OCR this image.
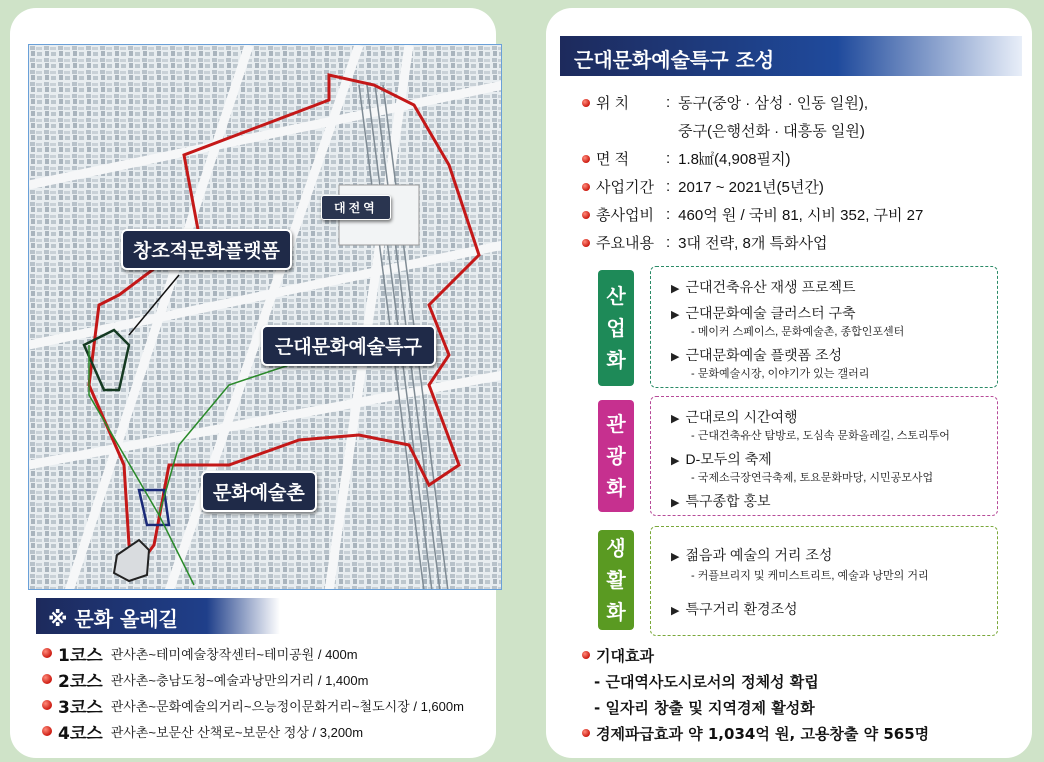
창조적문화플랫폼
근대문화예술특구
문화예술촌
대전역
※ 문화 올레길
1코스 관사촌~테미예술창작센터~테미공원 / 400m
2코스 관사촌~충남도청~예술과낭만의거리 / 1,400m
3코스 관사촌~문화예술의거리~으능정이문화거리~철도시장 / 1,600m
4코스 관사촌~보문산 산책로~보문산 정상 / 3,200m
근대문화예술특구 조성
위 치	: 동구(중앙 · 삼성 · 인동 일원),
중구(은행선화 · 대흥동 일원)
면 적	: 1.8㎢(4,908필지)
사업기간 : 2017 ~ 2021년(5년간)
총사업비 : 460억 원 / 국비 81, 시비 352, 구비 27
주요내용 : 3대 전략, 8개 특화사업
산
업
화
▶ 근대건축유산 재생 프로젝트
▶ 근대문화예술 클러스터 구축
- 메이커 스페이스, 문화예술촌, 종합인포센터
▶ 근대문화예술 플랫폼 조성
- 문화예술시장, 이야기가 있는 갤러리
관
광
화
▶ 근대로의 시간여행
- 근대건축유산 탐방로, 도심속 문화올레길, 스토리투어
▶ D-모두의 축제
- 국제소극장연극축제, 토요문화마당, 시민공모사업
▶ 특구종합 홍보
생
활
화
▶ 젊음과 예술의 거리 조성
- 커플브리지 및 케미스트리트, 예술과 낭만의 거리
▶ 특구거리 환경조성
기대효과
- 근대역사도시로서의 정체성 확립
- 일자리 창출 및 지역경제 활성화
경제파급효과 약 1,034억 원, 고용창출 약 565명
